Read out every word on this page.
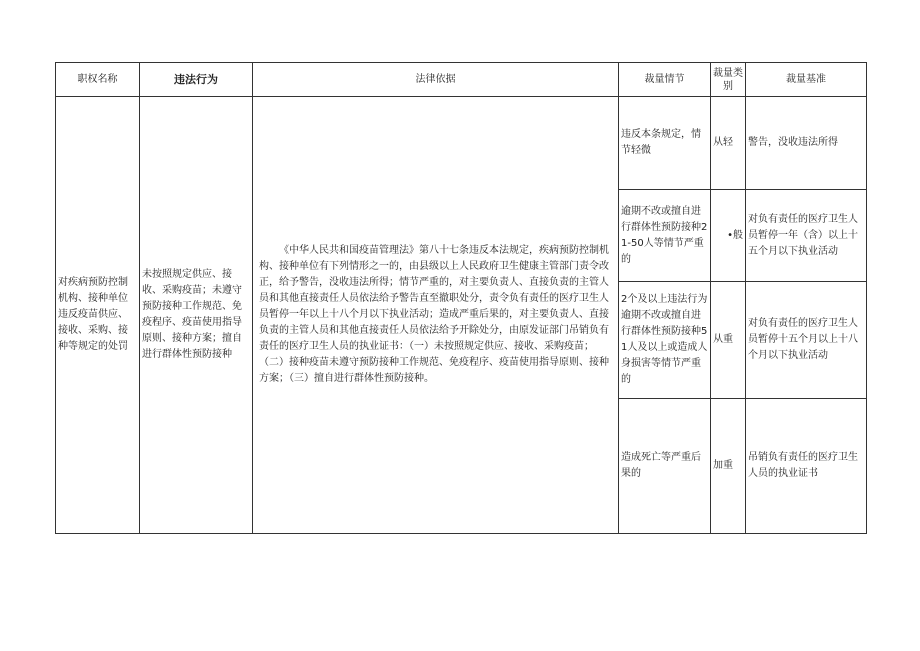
职权名称	违法行为	法律依据	裁量情节	裁量类别	裁量基准
对疾病预防控制机构、接种单位违反疫苗供应、接收、采购、接种等规定的处罚	未按照规定供应、接收、采购疫苗；未遵守预防接种工作规范、免疫程序、疫苗使用指导原则、接种方案；擅自进行群体性预防接种	《中华人民共和国疫苗管理法》第八十七条违反本法规定，疾病预防控制机构、接种单位有下列情形之一的，由县级以上人民政府卫生健康主管部门责令改正，给予警告，没收违法所得；情节严重的，对主要负责人、直接负责的主管人员和其他直接责任人员依法给予警告直至撤职处分，责令负有责任的医疗卫生人员暂停一年以上十八个月以下执业活动；造成严重后果的，对主要负责人、直接负责的主管人员和其他直接责任人员依法给予开除处分，由原发证部门吊销负有责任的医疗卫生人员的执业证书：（一）未按照规定供应、接收、采购疫苗；（二）接种疫苗未遵守预防接种工作规范、免疫程序、疫苗使用指导原则、接种方案；（三）擅自进行群体性预防接种。	违反本条规定，情节轻微	从轻	警告，没收违法所得
			逾期不改或擅自进行群体性预防接种21-50人等情节严重的	•般	对负有责任的医疗卫生人员暂停一年（含）以上十五个月以下执业活动
			2个及以上违法行为逾期不改或擅自进行群体性预防接种51人及以上或造成人身损害等情节严重的	从重	对负有责任的医疗卫生人员暂停十五个月以上十八个月以下执业活动
			造成死亡等严重后果的	加重	吊销负有责任的医疗卫生人员的执业证书
